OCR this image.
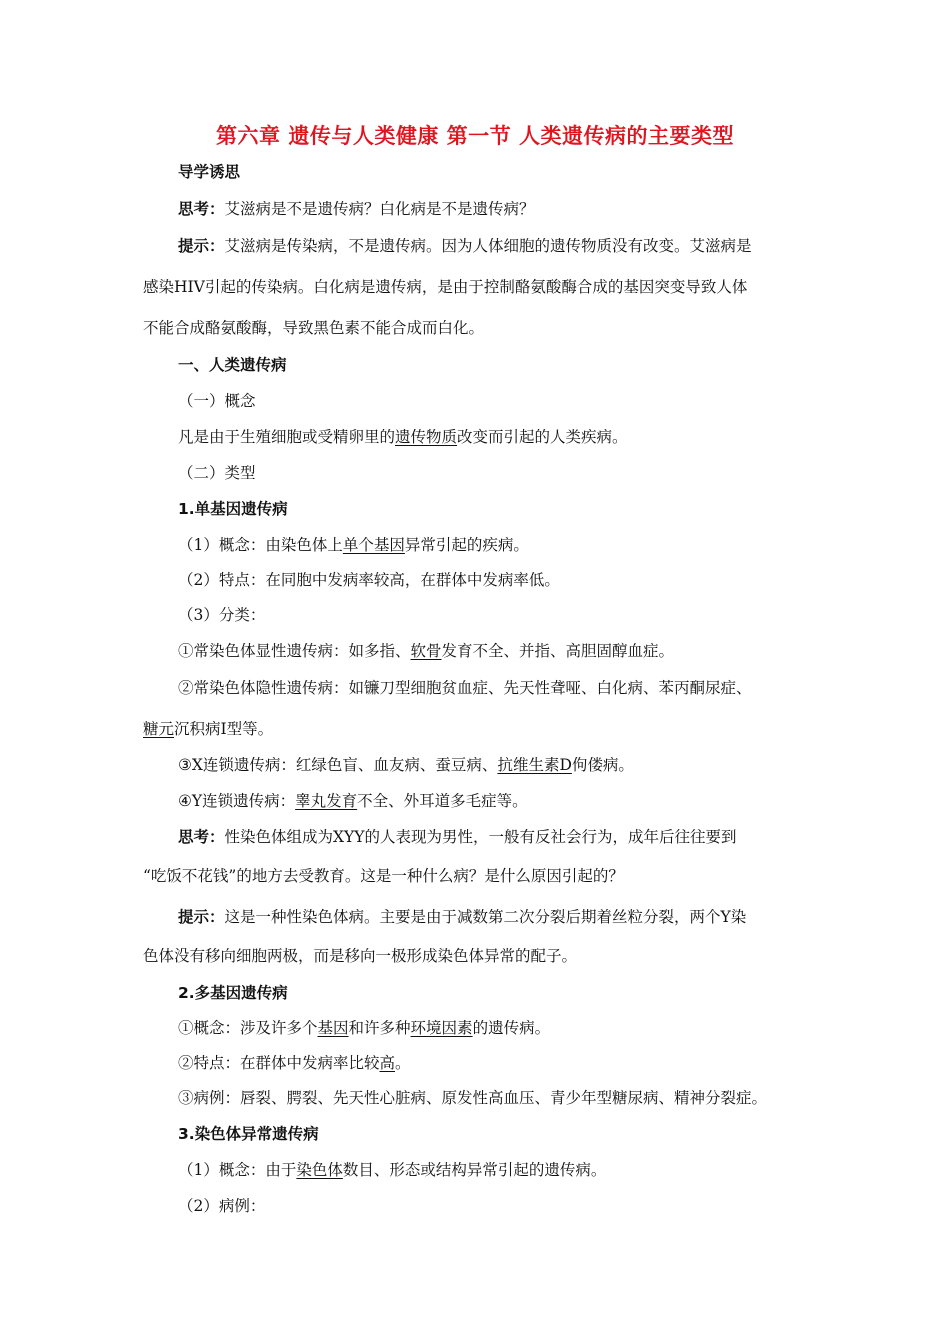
第六章 遗传与人类健康 第一节 人类遗传病的主要类型
导学诱思
思考：艾滋病是不是遗传病？白化病是不是遗传病？
提示：艾滋病是传染病，不是遗传病。因为人体细胞的遗传物质没有改变。艾滋病是
感染HIV引起的传染病。白化病是遗传病，是由于控制酪氨酸酶合成的基因突变导致人体
不能合成酪氨酸酶，导致黑色素不能合成而白化。
一、人类遗传病
（一）概念
凡是由于生殖细胞或受精卵里的遗传物质改变而引起的人类疾病。
（二）类型
1.单基因遗传病
（1）概念：由染色体上单个基因异常引起的疾病。
（2）特点：在同胞中发病率较高，在群体中发病率低。
（3）分类：
①常染色体显性遗传病：如多指、软骨发育不全、并指、高胆固醇血症。
②常染色体隐性遗传病：如镰刀型细胞贫血症、先天性聋哑、白化病、苯丙酮尿症、
糖元沉积病Ⅰ型等。
③X连锁遗传病：红绿色盲、血友病、蚕豆病、抗维生素D佝偻病。
④Y连锁遗传病：睾丸发育不全、外耳道多毛症等。
思考：性染色体组成为XYY的人表现为男性，一般有反社会行为，成年后往往要到
“吃饭不花钱”的地方去受教育。这是一种什么病？是什么原因引起的？
提示：这是一种性染色体病。主要是由于减数第二次分裂后期着丝粒分裂，两个Y染
色体没有移向细胞两极，而是移向一极形成染色体异常的配子。
2.多基因遗传病
①概念：涉及许多个基因和许多种环境因素的遗传病。
②特点：在群体中发病率比较高。
③病例：唇裂、腭裂、先天性心脏病、原发性高血压、青少年型糖尿病、精神分裂症。
3.染色体异常遗传病
（1）概念：由于染色体数目、形态或结构异常引起的遗传病。
（2）病例：
